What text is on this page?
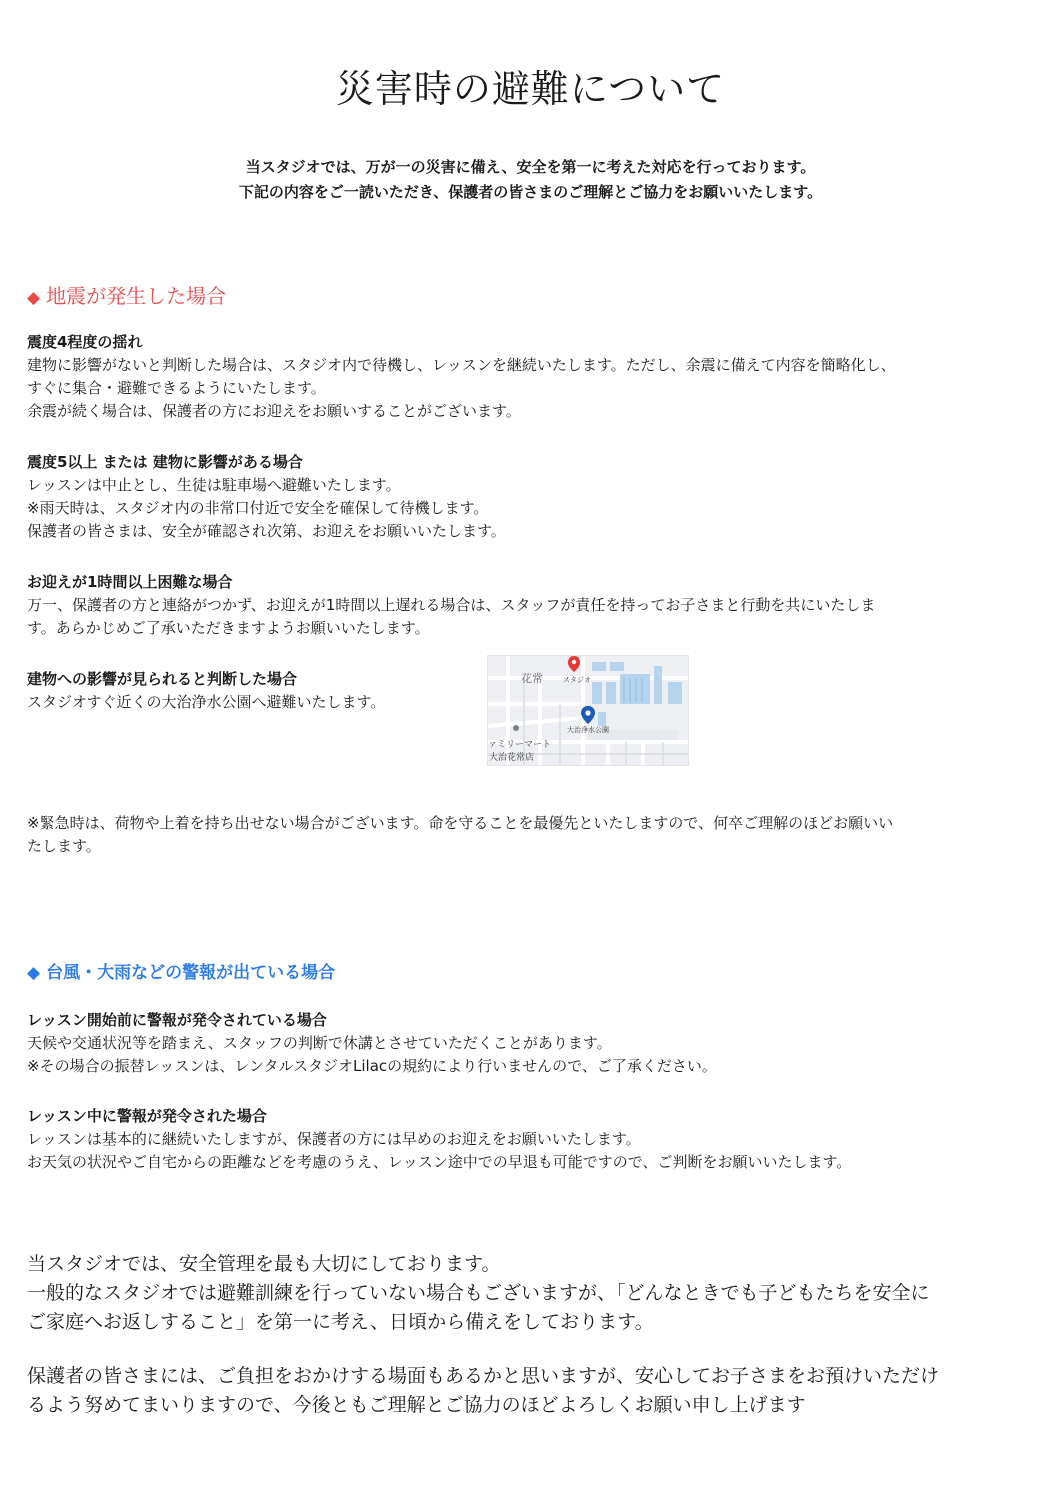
災害時の避難について

当スタジオでは、万が一の災害に備え、安全を第一に考えた対応を行っております。

下記の内容をご一読いただき、保護者の皆さまのご理解とご協力をお願いいたします。

◆ 地震が発生した場合

震度4程度の揺れ

建物に影響がないと判断した場合は、スタジオ内で待機し、レッスンを継続いたします。ただし、余震に備えて内容を簡略化し、

すぐに集合・避難できるようにいたします。

余震が続く場合は、保護者の方にお迎えをお願いすることがございます。

震度5以上 または 建物に影響がある場合

レッスンは中止とし、生徒は駐車場へ避難いたします。

※雨天時は、スタジオ内の非常口付近で安全を確保して待機します。

保護者の皆さまは、安全が確認され次第、お迎えをお願いいたします。

お迎えが1時間以上困難な場合

万一、保護者の方と連絡がつかず、お迎えが1時間以上遅れる場合は、スタッフが責任を持ってお子さまと行動を共にいたしま

す。あらかじめご了承いただきますようお願いいたします。

建物への影響が見られると判断した場合

スタジオすぐ近くの大治浄水公園へ避難いたします。

花常	スタジオ
大治浄水公園
ァミリーマート
大治花常店

※緊急時は、荷物や上着を持ち出せない場合がございます。命を守ることを最優先といたしますので、何卒ご理解のほどお願いい

たします。

◆ 台風・大雨などの警報が出ている場合

レッスン開始前に警報が発令されている場合

天候や交通状況等を踏まえ、スタッフの判断で休講とさせていただくことがあります。

※その場合の振替レッスンは、レンタルスタジオLilacの規約により行いませんので、ご了承ください。

レッスン中に警報が発令された場合

レッスンは基本的に継続いたしますが、保護者の方には早めのお迎えをお願いいたします。

お天気の状況やご自宅からの距離などを考慮のうえ、レッスン途中での早退も可能ですので、ご判断をお願いいたします。

当スタジオでは、安全管理を最も大切にしております。

一般的なスタジオでは避難訓練を行っていない場合もございますが、「どんなときでも子どもたちを安全に

ご家庭へお返しすること」を第一に考え、日頃から備えをしております。

保護者の皆さまには、ご負担をおかけする場面もあるかと思いますが、安心してお子さまをお預けいただけ

るよう努めてまいりますので、今後ともご理解とご協力のほどよろしくお願い申し上げます
